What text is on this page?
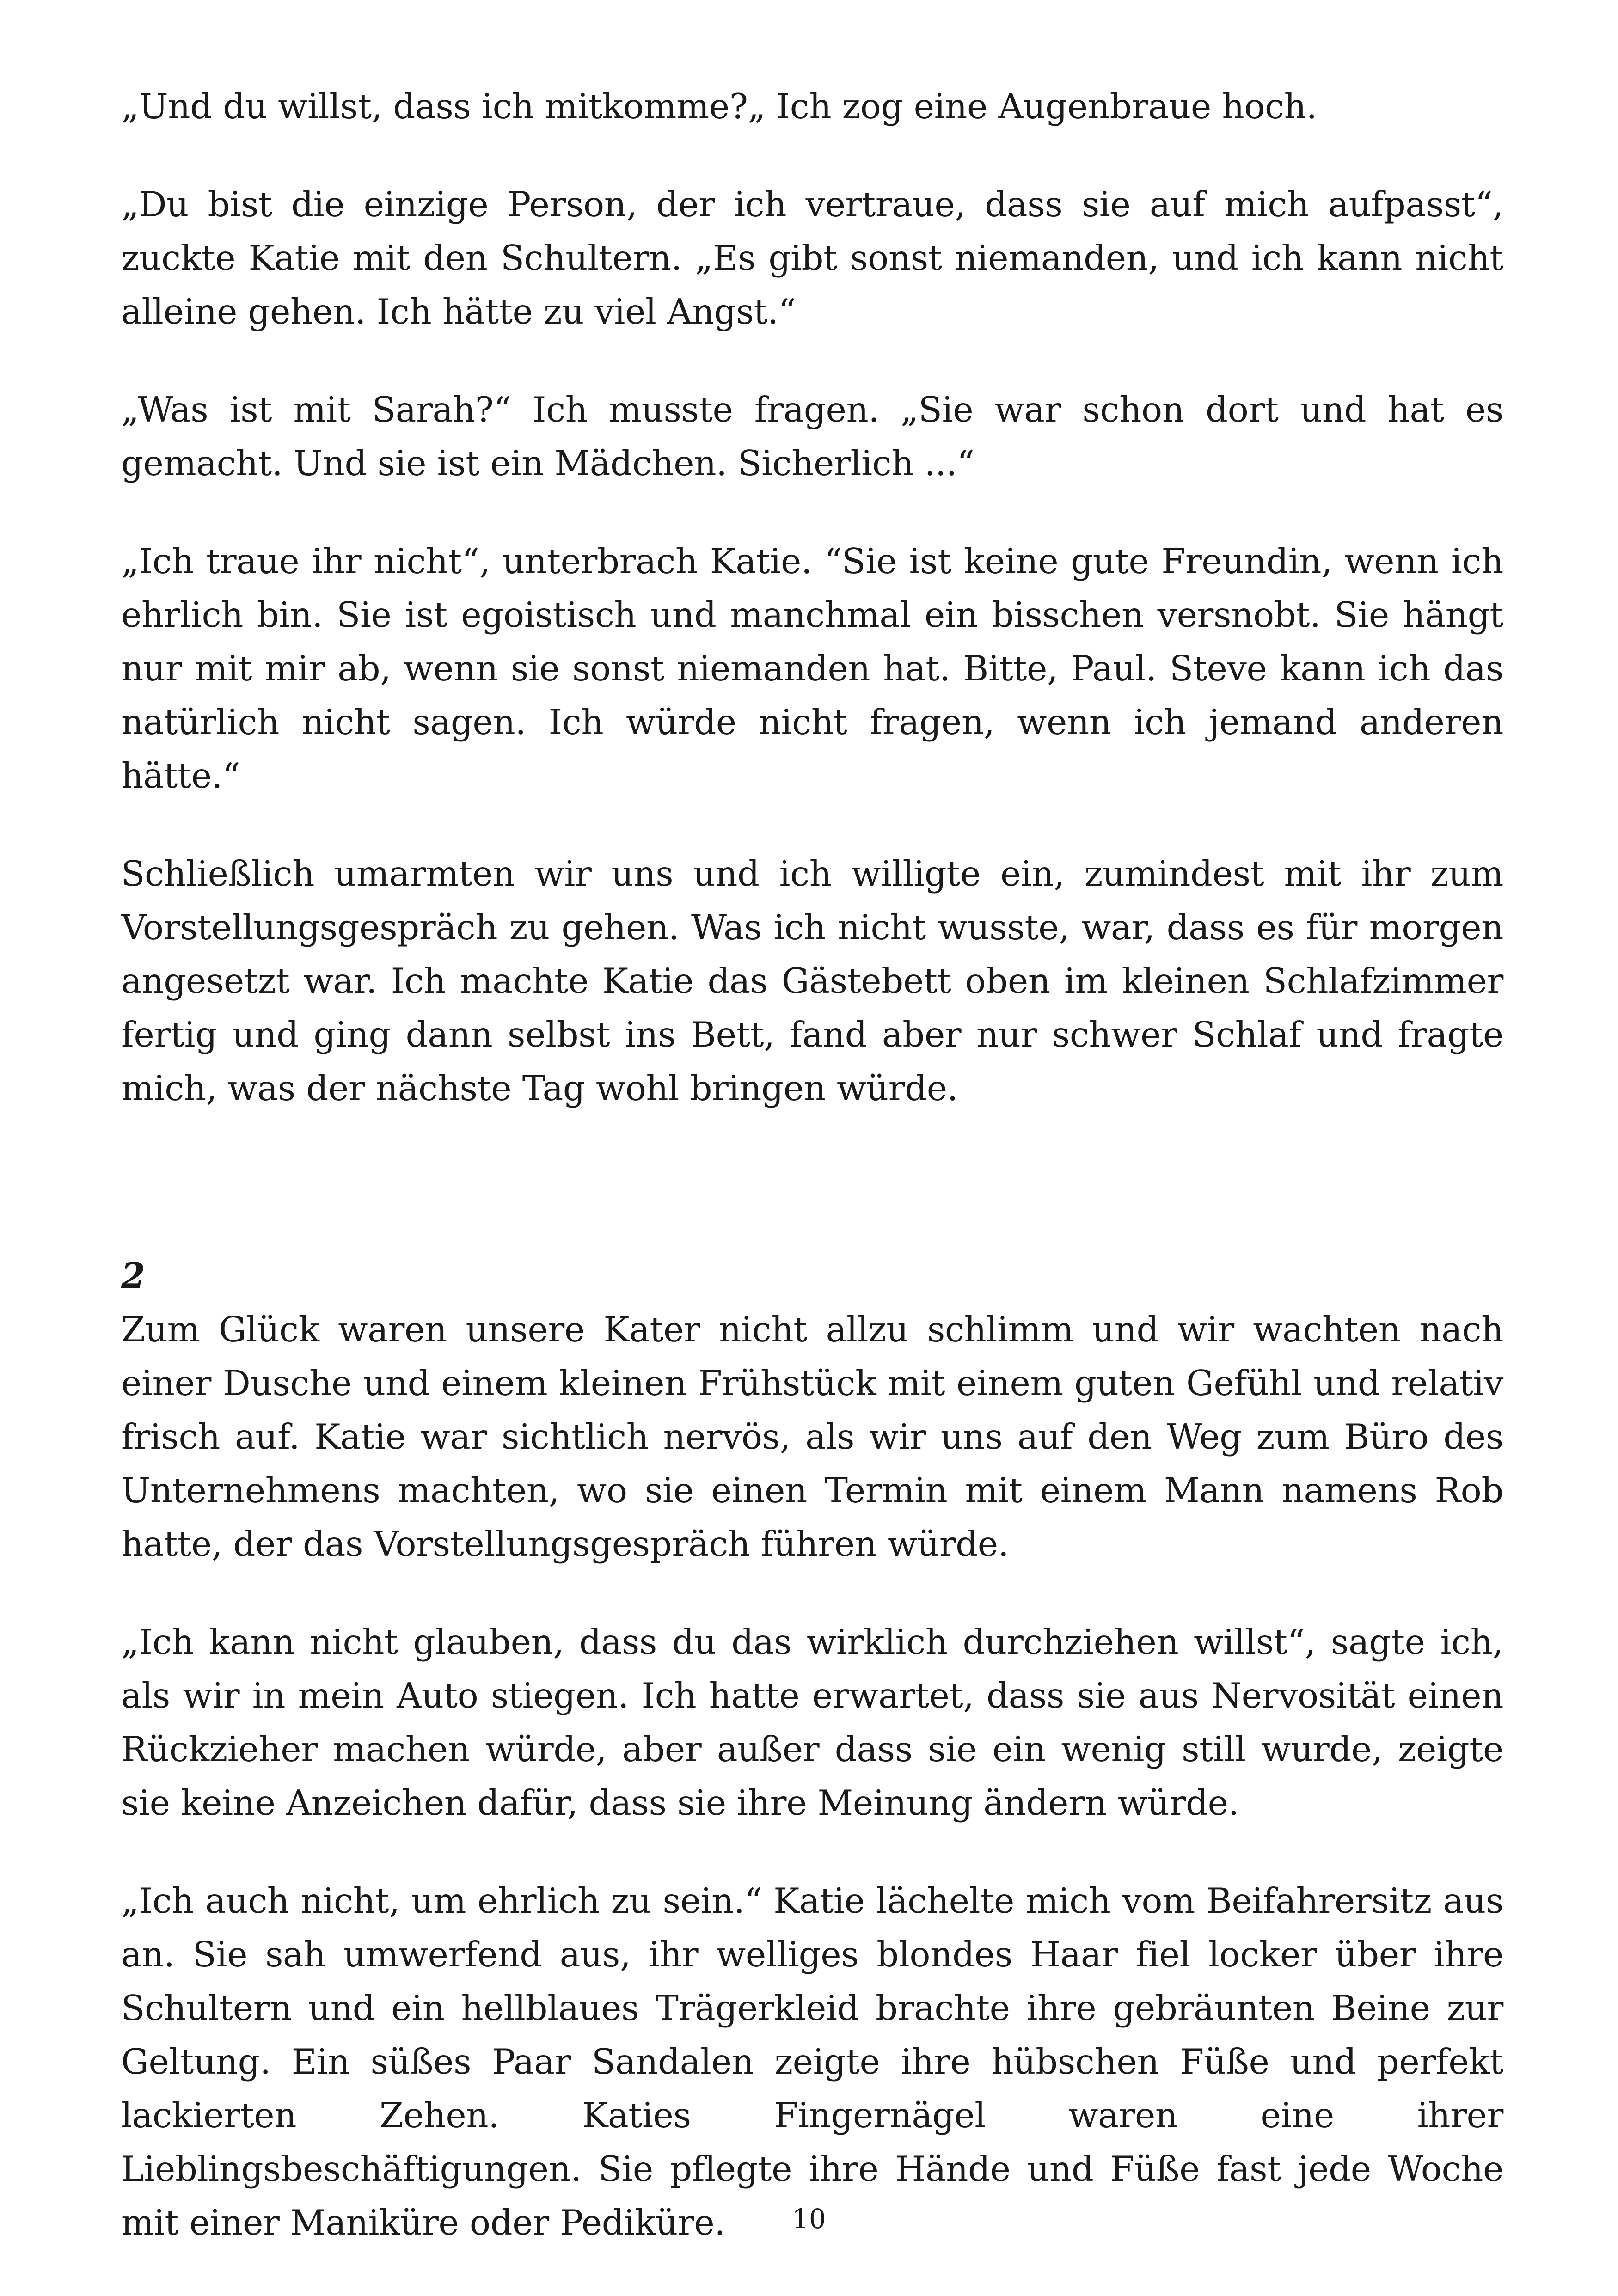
„Und du willst, dass ich mitkomme?„ Ich zog eine Augenbraue hoch.

„Du bist die einzige Person, der ich vertraue, dass sie auf mich aufpasst“, zuckte Katie mit den Schultern. „Es gibt sonst niemanden, und ich kann nicht alleine gehen. Ich hätte zu viel Angst.“

„Was ist mit Sarah?“ Ich musste fragen. „Sie war schon dort und hat es gemacht. Und sie ist ein Mädchen. Sicherlich ...“

„Ich traue ihr nicht“, unterbrach Katie. “Sie ist keine gute Freundin, wenn ich ehrlich bin. Sie ist egoistisch und manchmal ein bisschen versnobt. Sie hängt nur mit mir ab, wenn sie sonst niemanden hat. Bitte, Paul. Steve kann ich das natürlich nicht sagen. Ich würde nicht fragen, wenn ich jemand anderen hätte.“

Schließlich umarmten wir uns und ich willigte ein, zumindest mit ihr zum Vorstellungsgespräch zu gehen. Was ich nicht wusste, war, dass es für morgen angesetzt war. Ich machte Katie das Gästebett oben im kleinen Schlafzimmer fertig und ging dann selbst ins Bett, fand aber nur schwer Schlaf und fragte mich, was der nächste Tag wohl bringen würde.

2

Zum Glück waren unsere Kater nicht allzu schlimm und wir wachten nach einer Dusche und einem kleinen Frühstück mit einem guten Gefühl und relativ frisch auf. Katie war sichtlich nervös, als wir uns auf den Weg zum Büro des Unternehmens machten, wo sie einen Termin mit einem Mann namens Rob hatte, der das Vorstellungsgespräch führen würde.

„Ich kann nicht glauben, dass du das wirklich durchziehen willst“, sagte ich, als wir in mein Auto stiegen. Ich hatte erwartet, dass sie aus Nervosität einen Rückzieher machen würde, aber außer dass sie ein wenig still wurde, zeigte sie keine Anzeichen dafür, dass sie ihre Meinung ändern würde.

„Ich auch nicht, um ehrlich zu sein.“ Katie lächelte mich vom Beifahrersitz aus an. Sie sah umwerfend aus, ihr welliges blondes Haar fiel locker über ihre Schultern und ein hellblaues Trägerkleid brachte ihre gebräunten Beine zur Geltung. Ein süßes Paar Sandalen zeigte ihre hübschen Füße und perfekt lackierten Zehen. Katies Fingernägel waren eine ihrer Lieblingsbeschäftigungen. Sie pflegte ihre Hände und Füße fast jede Woche mit einer Maniküre oder Pediküre.	10
